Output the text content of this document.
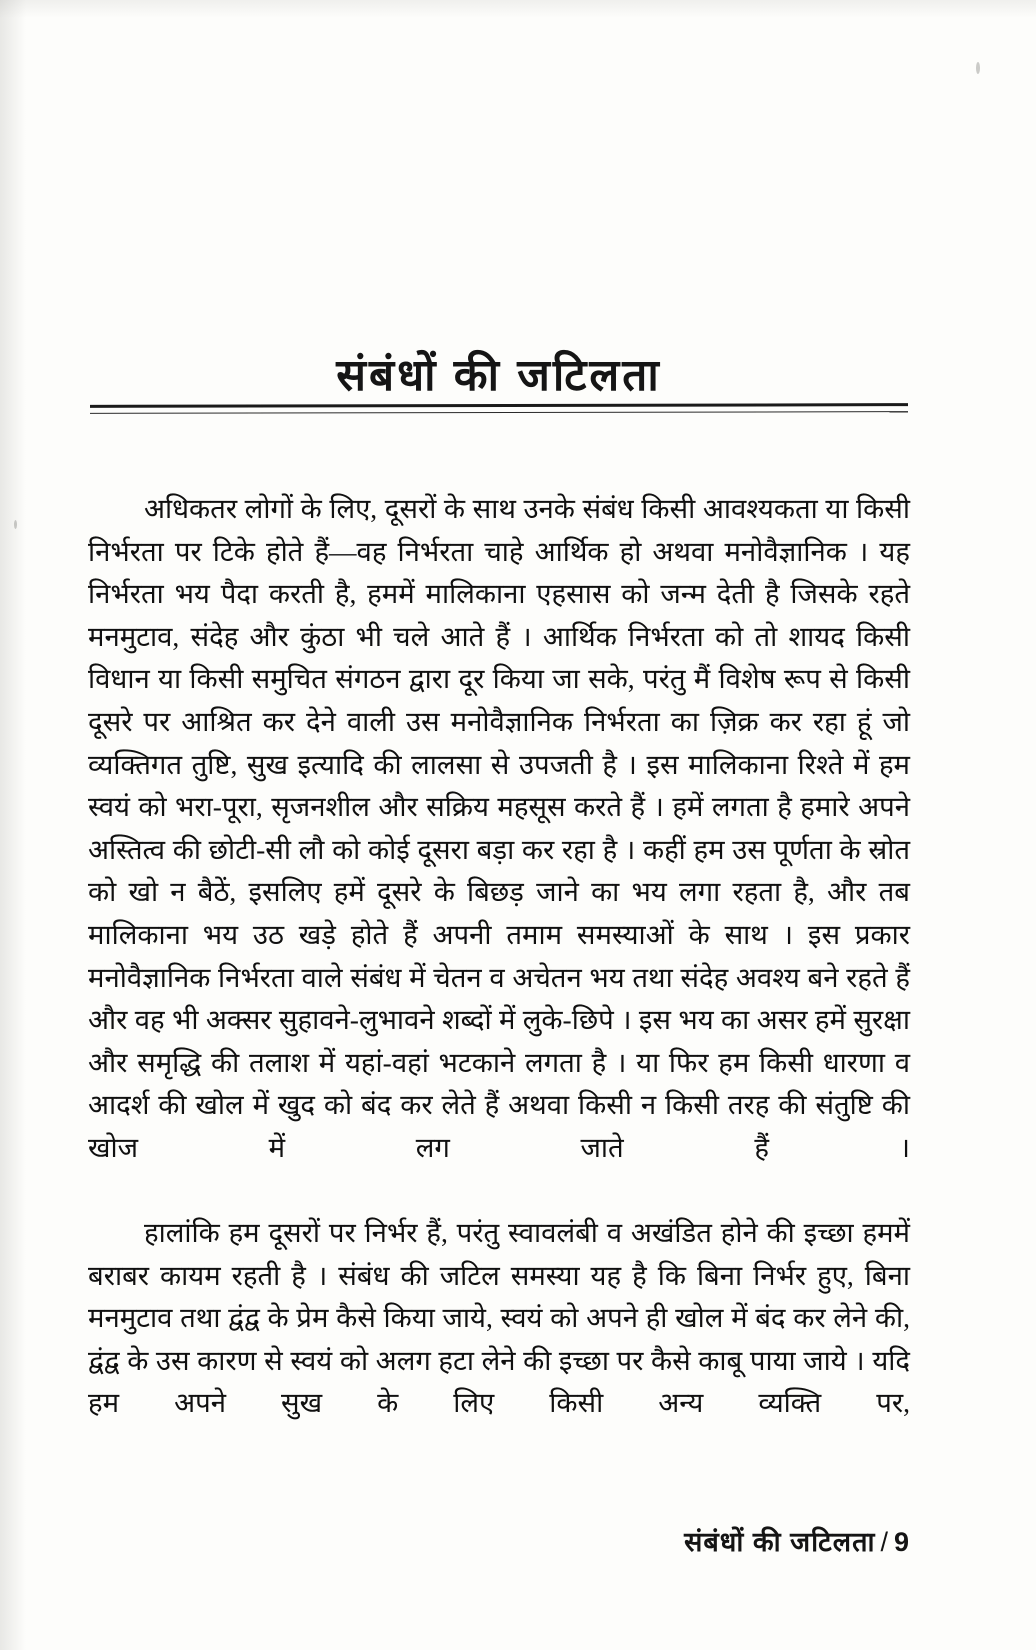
संबंधों की जटिलता

अधिकतर लोगों के लिए, दूसरों के साथ उनके संबंध किसी आवश्यकता या किसी निर्भरता पर टिके होते हैं—वह निर्भरता चाहे आर्थिक हो अथवा मनोवैज्ञानिक । यह निर्भरता भय पैदा करती है, हममें मालिकाना एहसास को जन्म देती है जिसके रहते मनमुटाव, संदेह और कुंठा भी चले आते हैं । आर्थिक निर्भरता को तो शायद किसी विधान या किसी समुचित संगठन द्वारा दूर किया जा सके, परंतु मैं विशेष रूप से किसी दूसरे पर आश्रित कर देने वाली उस मनोवैज्ञानिक निर्भरता का ज़िक्र कर रहा हूं जो व्यक्तिगत तुष्टि, सुख इत्यादि की लालसा से उपजती है । इस मालिकाना रिश्ते में हम स्वयं को भरा-पूरा, सृजनशील और सक्रिय महसूस करते हैं । हमें लगता है हमारे अपने अस्तित्व की छोटी-सी लौ को कोई दूसरा बड़ा कर रहा है । कहीं हम उस पूर्णता के स्रोत को खो न बैठें, इसलिए हमें दूसरे के बिछड़ जाने का भय लगा रहता है, और तब मालिकाना भय उठ खड़े होते हैं अपनी तमाम समस्याओं के साथ । इस प्रकार मनोवैज्ञानिक निर्भरता वाले संबंध में चेतन व अचेतन भय तथा संदेह अवश्य बने रहते हैं और वह भी अक्सर सुहावने-लुभावने शब्दों में लुके-छिपे । इस भय का असर हमें सुरक्षा और समृद्धि की तलाश में यहां-वहां भटकाने लगता है । या फिर हम किसी धारणा व आदर्श की खोल में खुद को बंद कर लेते हैं अथवा किसी न किसी तरह की संतुष्टि की खोज में लग जाते हैं ।

हालांकि हम दूसरों पर निर्भर हैं, परंतु स्वावलंबी व अखंडित होने की इच्छा हममें बराबर कायम रहती है । संबंध की जटिल समस्या यह है कि बिना निर्भर हुए, बिना मनमुटाव तथा द्वंद्व के प्रेम कैसे किया जाये, स्वयं को अपने ही खोल में बंद कर लेने की, द्वंद्व के उस कारण से स्वयं को अलग हटा लेने की इच्छा पर कैसे काबू पाया जाये । यदि हम अपने सुख के लिए किसी अन्य व्यक्ति पर,

संबंधों की जटिलता / 9
